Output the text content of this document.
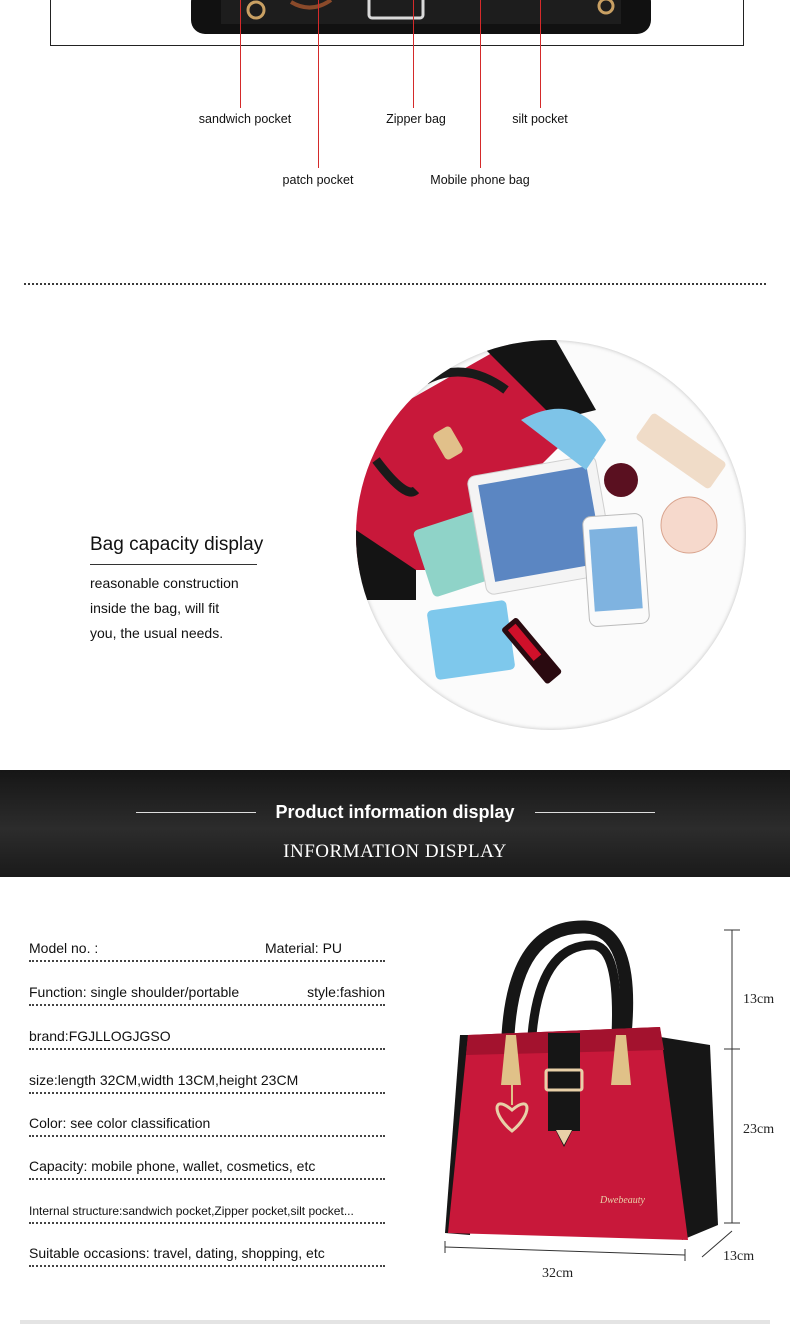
sandwich pocket	Zipper bag	silt pocket
patch pocket	Mobile phone bag
Bag capacity display
reasonable construction
inside the bag, will fit
you, the usual needs.
Product information display
INFORMATION DISPLAY
Model no. :	Material: PU
Function: single shoulder/portable	style:fashion
brand:FGJLLOGJGSO
size:length 32CM,width 13CM,height 23CM
Color: see color classification
Capacity: mobile phone, wallet, cosmetics, etc
Internal structure:sandwich pocket,Zipper pocket,silt pocket...
Suitable occasions: travel, dating, shopping, etc
Dwebeauty
13cm
23cm
13cm
32cm
